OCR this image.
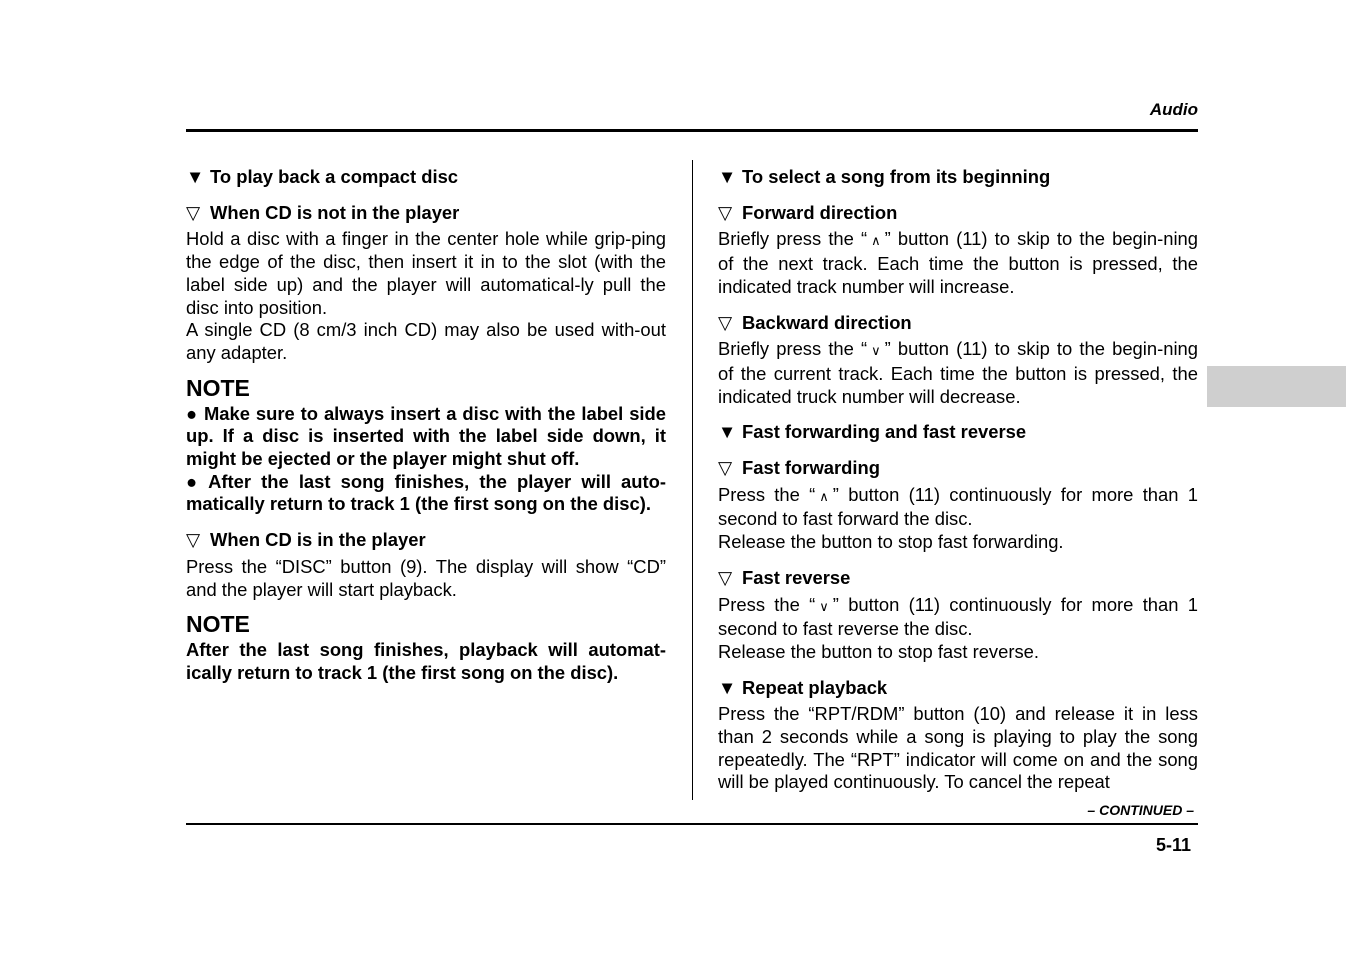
Audio
▼ To play back a compact disc
▽ When CD is not in the player

Hold a disc with a finger in the center hole while grip-ping the edge of the disc, then insert it in to the slot (with the label side up) and the player will automatical-ly pull the disc into position.

A single CD (8 cm/3 inch CD) may also be used with-out any adapter.

NOTE

● Make sure to always insert a disc with the label side up. If a disc is inserted with the label side down, it might be ejected or the player might shut off.

● After the last song finishes, the player will auto-matically return to track 1 (the first song on the disc).

▽ When CD is in the player

Press the “DISC” button (9). The display will show “CD” and the player will start playback.

NOTE

After the last song finishes, playback will automat-ically return to track 1 (the first song on the disc).

▼ To select a song from its beginning
▽ Forward direction

Briefly press the “ ∧ ” button (11) to skip to the begin-ning of the next track. Each time the button is pressed, the indicated track number will increase.

▽ Backward direction

Briefly press the “ ∨ ” button (11) to skip to the begin-ning of the current track. Each time the button is pressed, the indicated truck number will decrease.

▼ Fast forwarding and fast reverse
▽ Fast forwarding

Press the “ ∧ ” button (11) continuously for more than 1 second to fast forward the disc.

Release the button to stop fast forwarding.

▽ Fast reverse

Press the “ ∨ ” button (11) continuously for more than 1 second to fast reverse the disc.

Release the button to stop fast reverse.

▼ Repeat playback

Press the “RPT/RDM” button (10) and release it in less than 2 seconds while a song is playing to play the song repeatedly. The “RPT” indicator will come on and the song will be played continuously. To cancel the repeat

– CONTINUED –
5-11
